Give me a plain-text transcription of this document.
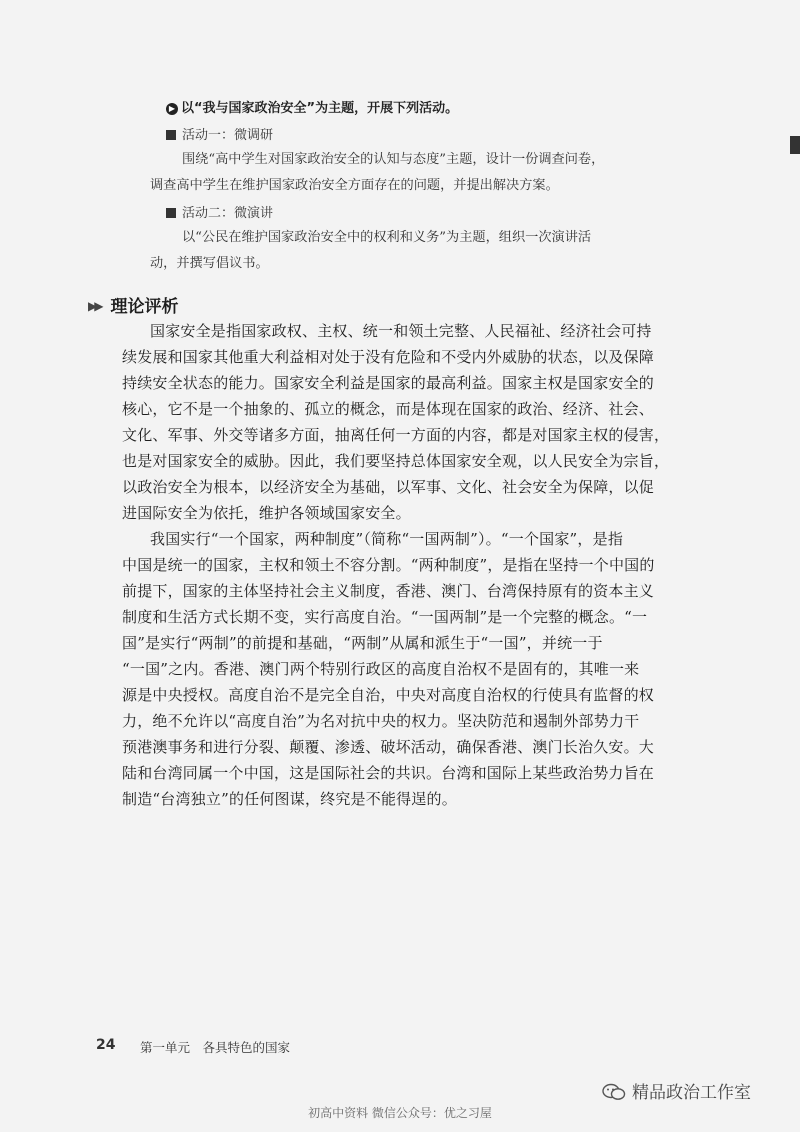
▶ 以“我与国家政治安全”为主题，开展下列活动。
活动一：微调研
围绕“高中学生对国家政治安全的认知与态度”主题，设计一份调查问卷，
调查高中学生在维护国家政治安全方面存在的问题，并提出解决方案。
活动二：微演讲
以“公民在维护国家政治安全中的权利和义务”为主题，组织一次演讲活
动，并撰写倡议书。
▶▶ 理论评析
国家安全是指国家政权、主权、统一和领土完整、人民福祉、经济社会可持
续发展和国家其他重大利益相对处于没有危险和不受内外威胁的状态，以及保障
持续安全状态的能力。国家安全利益是国家的最高利益。国家主权是国家安全的
核心，它不是一个抽象的、孤立的概念，而是体现在国家的政治、经济、社会、
文化、军事、外交等诸多方面，抽离任何一方面的内容，都是对国家主权的侵害，
也是对国家安全的威胁。因此，我们要坚持总体国家安全观，以人民安全为宗旨，
以政治安全为根本，以经济安全为基础，以军事、文化、社会安全为保障，以促
进国际安全为依托，维护各领域国家安全。
我国实行“一个国家，两种制度”（简称“一国两制”）。“一个国家”，是指
中国是统一的国家，主权和领土不容分割。“两种制度”，是指在坚持一个中国的
前提下，国家的主体坚持社会主义制度，香港、澳门、台湾保持原有的资本主义
制度和生活方式长期不变，实行高度自治。“一国两制”是一个完整的概念。“一
国”是实行“两制”的前提和基础，“两制”从属和派生于“一国”，并统一于
“一国”之内。香港、澳门两个特别行政区的高度自治权不是固有的，其唯一来
源是中央授权。高度自治不是完全自治，中央对高度自治权的行使具有监督的权
力，绝不允许以“高度自治”为名对抗中央的权力。坚决防范和遏制外部势力干
预港澳事务和进行分裂、颠覆、渗透、破坏活动，确保香港、澳门长治久安。大
陆和台湾同属一个中国，这是国际社会的共识。台湾和国际上某些政治势力旨在
制造“台湾独立”的任何图谋，终究是不能得逞的。
24 第一单元　各具特色的国家
精品政治工作室
初高中资料 微信公众号：优之习屋
